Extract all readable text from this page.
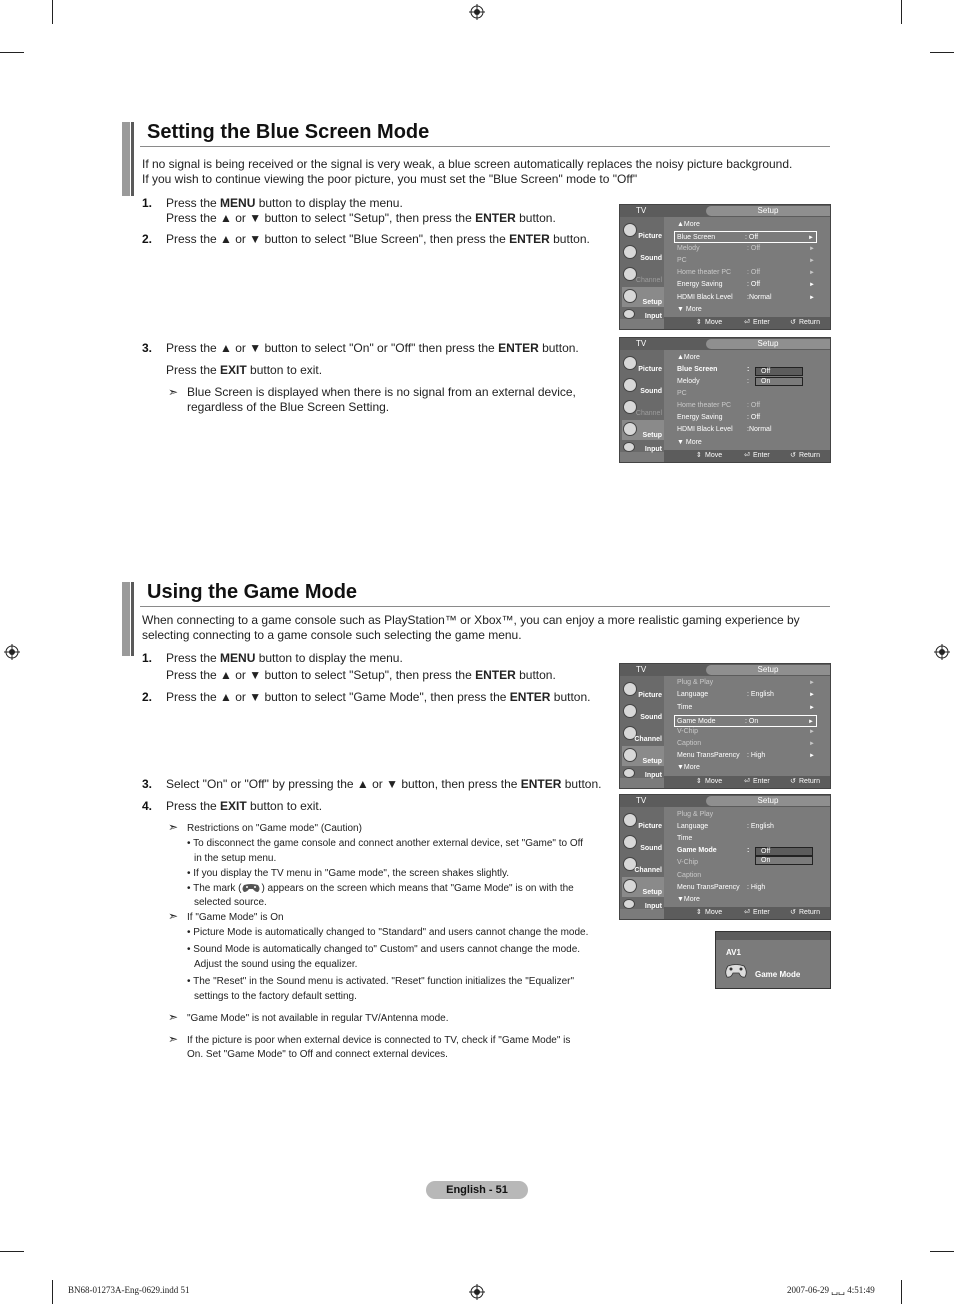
Setting the Blue Screen Mode
If no signal is being received or the signal is very weak, a blue screen automatically replaces the noisy picture background.
If you wish to continue viewing the poor picture, you must set the "Blue Screen" mode to "Off"
1. Press the MENU button to display the menu.
Press the ▲ or ▼ button to select "Setup", then press the ENTER button.
2. Press the ▲ or ▼ button to select "Blue Screen", then press the ENTER button.
3. Press the ▲ or ▼ button to select "On" or "Off" then press the ENTER button.
Press the EXIT button to exit.
➣ Blue Screen is displayed when there is no signal from an external device,
regardless of the Blue Screen Setting.
TV	Setup
Picture
Sound
Channel
Setup
Input
▲More
Blue Screen	: Off	►
Melody	: Off	►
PC	►
Home theater PC : Off	►
Energy Saving	: Off	►
HDMI Black Level :Normal	►
▼ More
⇕ Move	⏎ Enter	↺ Return
TV	Setup
Picture
Sound
Channel
Setup
Input
▲More
Blue Screen	:
Melody	:
PC
Home theater PC : Off
Energy Saving	: Off
HDMI Black Level :Normal
▼ More
Off
On
⇕ Move	⏎ Enter	↺ Return
Using the Game Mode
When connecting to a game console such as PlayStation™ or Xbox™, you can enjoy a more realistic gaming experience by
selecting connecting to a game console such selecting the game menu.
1. Press the MENU button to display the menu.
Press the ▲ or ▼ button to select "Setup", then press the ENTER button.
2. Press the ▲ or ▼ button to select "Game Mode", then press the ENTER button.
3. Select "On" or "Off" by pressing the ▲ or ▼ button, then press the ENTER button.
4. Press the EXIT button to exit.
➣ Restrictions on "Game mode" (Caution)
• To disconnect the game console and connect another external device, set "Game" to Off
in the setup menu.
• If you display the TV menu in "Game mode", the screen shakes slightly.
• The mark ( ) appears on the screen which means that "Game Mode" is on with the
selected source.
➣ If "Game Mode" is On
• Picture Mode is automatically changed to "Standard" and users cannot change the mode.
• Sound Mode is automatically changed to" Custom" and users cannot change the mode.
Adjust the sound using the equalizer.
• The "Reset" in the Sound menu is activated. "Reset" function initializes the "Equalizer"
settings to the factory default setting.
➣ "Game Mode" is not available in regular TV/Antenna mode.
➣ If the picture is poor when external device is connected to TV, check if "Game Mode" is
On. Set "Game Mode" to Off and connect external devices.
TV	Setup
Picture
Sound
Channel
Setup
Input
Plug & Play	►
Language	: English	►
Time	►
Game Mode	: On	►
V-Chip	►
Caption	►
Menu TransParency : High	►
▼More
⇕ Move	⏎ Enter	↺ Return
TV	Setup
Picture
Sound
Channel
Setup
Input
Plug & Play
Language	: English
Time
Game Mode	:
V-Chip
Caption
Menu TransParency : High
▼More
Off
On
⇕ Move	⏎ Enter	↺ Return
AV1
Game Mode
English - 51
BN68-01273A-Eng-0629.indd 51	2007-06-29 ␣␣ 4:51:49
